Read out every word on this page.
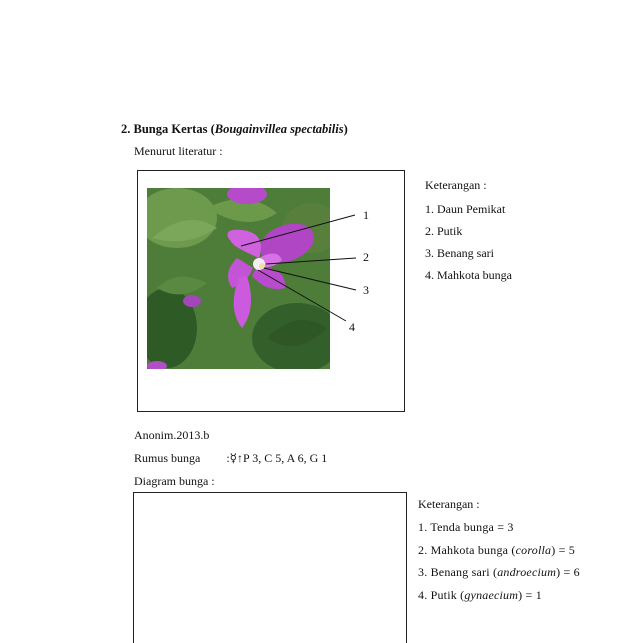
2. Bunga Kertas (Bougainvillea spectabilis)
Menurut literatur :
1
2
3
4
Keterangan :
1. Daun Pemikat
2. Putik
3. Benang sari
4. Mahkota bunga
Anonim.2013.b
Rumus bunga :☿↑P 3, C 5, A 6, G 1
Diagram bunga :
Keterangan :
1. Tenda bunga = 3
2. Mahkota bunga (corolla) = 5
3. Benang sari (androecium) = 6
4. Putik (gynaecium) = 1
